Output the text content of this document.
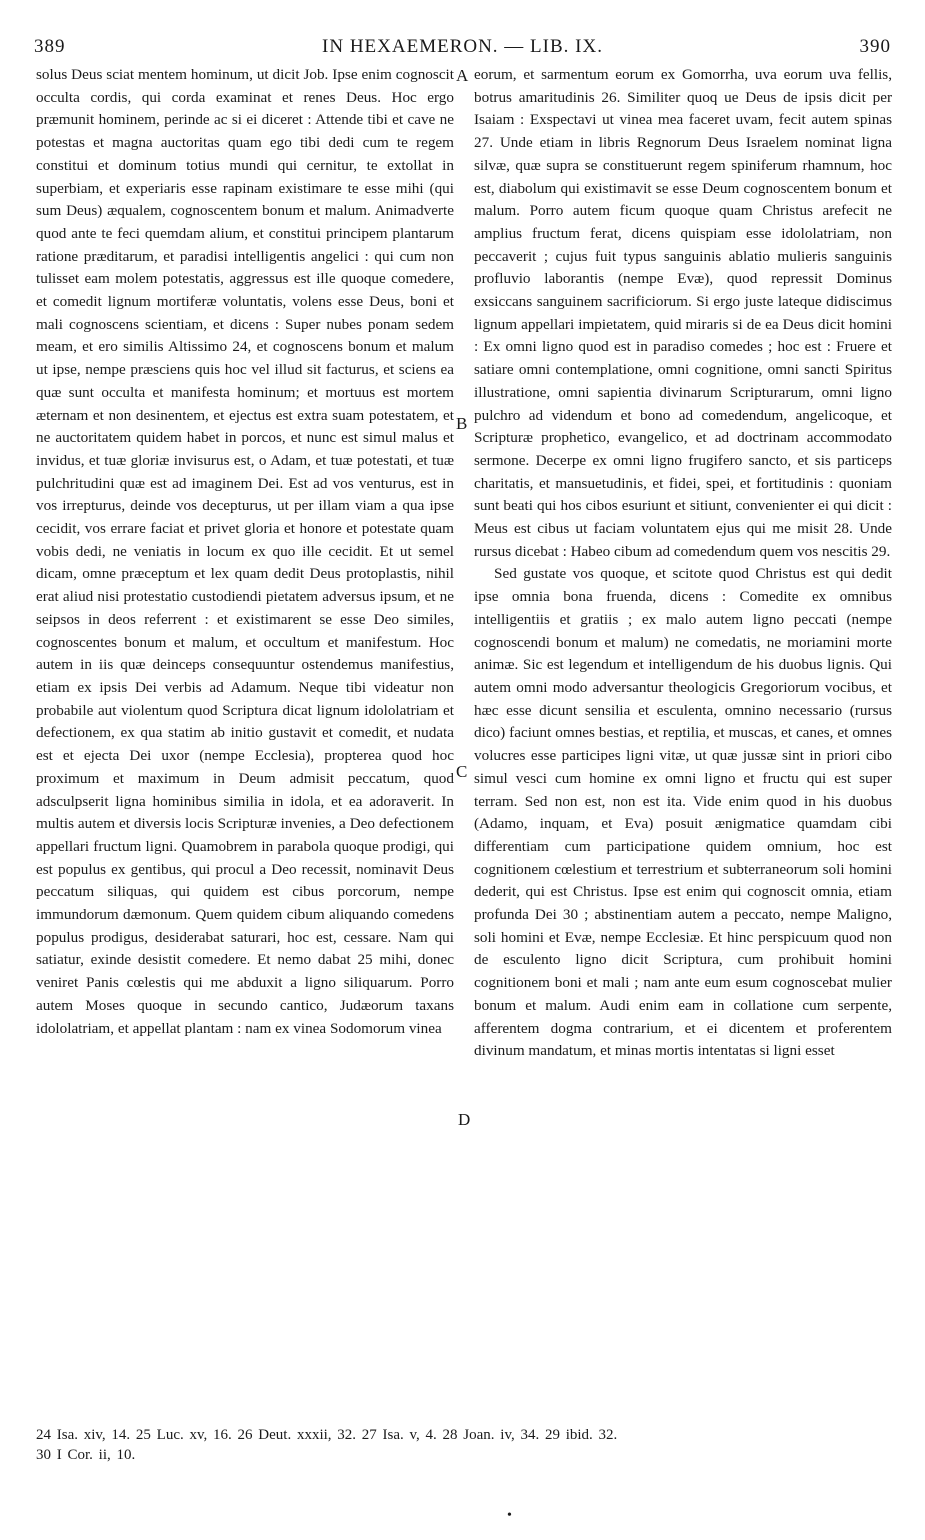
389	IN HEXAEMERON. — LIB. IX.	390

solus Deus sciat mentem hominum, ut dicit Job. Ipse enim cognoscit occulta cordis, qui corda examinat et renes Deus. Hoc ergo præmunit hominem, perinde ac si ei diceret : Attende tibi et cave ne potestas et magna auctoritas quam ego tibi dedi cum te regem constitui et dominum totius mundi qui cernitur, te extollat in superbiam, et experiaris esse rapinam existimare te esse mihi (qui sum Deus) æqualem, cognoscentem bonum et malum. Animadverte quod ante te feci quemdam alium, et constitui principem plantarum ratione præditarum, et paradisi intelligentis angelici : qui cum non tulisset eam molem potestatis, aggressus est ille quoque comedere, et comedit lignum mortiferæ voluntatis, volens esse Deus, boni et mali cognoscens scientiam, et dicens : Super nubes ponam sedem meam, et ero similis Altissimo 24, et cognoscens bonum et malum ut ipse, nempe præsciens quis hoc vel illud sit facturus, et sciens ea quæ sunt occulta et manifesta hominum; et mortuus est mortem æternam et non desinentem, et ejectus est extra suam potestatem, et ne auctoritatem quidem habet in porcos, et nunc est simul malus et invidus, et tuæ gloriæ invisurus est, o Adam, et tuæ potestati, et tuæ pulchritudini quæ est ad imaginem Dei. Est ad vos venturus, est in vos irrepturus, deinde vos decepturus, ut per illam viam a qua ipse cecidit, vos errare faciat et privet gloria et honore et potestate quam vobis dedi, ne veniatis in locum ex quo ille cecidit. Et ut semel dicam, omne præceptum et lex quam dedit Deus protoplastis, nihil erat aliud nisi protestatio custodiendi pietatem adversus ipsum, et ne seipsos in deos referrent : et existimarent se esse Deo similes, cognoscentes bonum et malum, et occultum et manifestum. Hoc autem in iis quæ deinceps consequuntur ostendemus manifestius, etiam ex ipsis Dei verbis ad Adamum. Neque tibi videatur non probabile aut violentum quod Scriptura dicat lignum idololatriam et defectionem, ex qua statim ab initio gustavit et comedit, et nudata est et ejecta Dei uxor (nempe Ecclesia), propterea quod hoc proximum et maximum in Deum admisit peccatum, quod adsculpserit ligna hominibus similia in idola, et ea adoraverit. In multis autem et diversis locis Scripturæ invenies, a Deo defectionem appellari fructum ligni. Quamobrem in parabola quoque prodigi, qui est populus ex gentibus, qui procul a Deo recessit, nominavit Deus peccatum siliquas, qui quidem est cibus porcorum, nempe immundorum dæmonum. Quem quidem cibum aliquando comedens populus prodigus, desiderabat saturari, hoc est, cessare. Nam qui satiatur, exinde desistit comedere. Et nemo dabat 25 mihi, donec veniret Panis cœlestis qui me abduxit a ligno siliquarum. Porro autem Moses quoque in secundo cantico, Judæorum taxans idololatriam, et appellat plantam : nam ex vinea Sodomorum vinea

A
B
C
D

eorum, et sarmentum eorum ex Gomorrha, uva eorum uva fellis, botrus amaritudinis 26. Similiter quoq ue Deus de ipsis dicit per Isaiam : Exspectavi ut vinea mea faceret uvam, fecit autem spinas 27. Unde etiam in libris Regnorum Deus Israelem nominat ligna silvæ, quæ supra se constituerunt regem spiniferum rhamnum, hoc est, diabolum qui existimavit se esse Deum cognoscentem bonum et malum. Porro autem ficum quoque quam Christus arefecit ne amplius fructum ferat, dicens quispiam esse idololatriam, non peccaverit ; cujus fuit typus sanguinis ablatio mulieris sanguinis profluvio laborantis (nempe Evæ), quod repressit Dominus exsiccans sanguinem sacrificiorum. Si ergo juste lateque didiscimus lignum appellari impietatem, quid miraris si de ea Deus dicit homini : Ex omni ligno quod est in paradiso comedes ; hoc est : Fruere et satiare omni contemplatione, omni cognitione, omni sancti Spiritus illustratione, omni sapientia divinarum Scripturarum, omni ligno pulchro ad videndum et bono ad comedendum, angelicoque, et Scripturæ prophetico, evangelico, et ad doctrinam accommodato sermone. Decerpe ex omni ligno frugifero sancto, et sis particeps charitatis, et mansuetudinis, et fidei, spei, et fortitudinis : quoniam sunt beati qui hos cibos esuriunt et sitiunt, convenienter ei qui dicit : Meus est cibus ut faciam voluntatem ejus qui me misit 28. Unde rursus dicebat : Habeo cibum ad comedendum quem vos nescitis 29.

Sed gustate vos quoque, et scitote quod Christus est qui dedit ipse omnia bona fruenda, dicens : Comedite ex omnibus intelligentiis et gratiis ; ex malo autem ligno peccati (nempe cognoscendi bonum et malum) ne comedatis, ne moriamini morte animæ. Sic est legendum et intelligendum de his duobus lignis. Qui autem omni modo adversantur theologicis Gregoriorum vocibus, et hæc esse dicunt sensilia et esculenta, omnino necessario (rursus dico) faciunt omnes bestias, et reptilia, et muscas, et canes, et omnes volucres esse participes ligni vitæ, ut quæ jussæ sint in priori cibo simul vesci cum homine ex omni ligno et fructu qui est super terram. Sed non est, non est ita. Vide enim quod in his duobus (Adamo, inquam, et Eva) posuit ænigmatice quamdam cibi differentiam cum participatione quidem omnium, hoc est cognitionem cœlestium et terrestrium et subterraneorum soli homini dederit, qui est Christus. Ipse est enim qui cognoscit omnia, etiam profunda Dei 30 ; abstinentiam autem a peccato, nempe Maligno, soli homini et Evæ, nempe Ecclesiæ. Et hinc perspicuum quod non de esculento ligno dicit Scriptura, cum prohibuit homini cognitionem boni et mali ; nam ante eum esum cognoscebat mulier bonum et malum. Audi enim eam in collatione cum serpente, afferentem dogma contrarium, et ei dicentem et proferentem divinum mandatum, et minas mortis intentatas si ligni esset

24 Isa. xiv, 14. 25 Luc. xv, 16. 26 Deut. xxxii, 32. 27 Isa. v, 4. 28 Joan. iv, 34. 29 ibid. 32.
30 I Cor. ii, 10.
•
